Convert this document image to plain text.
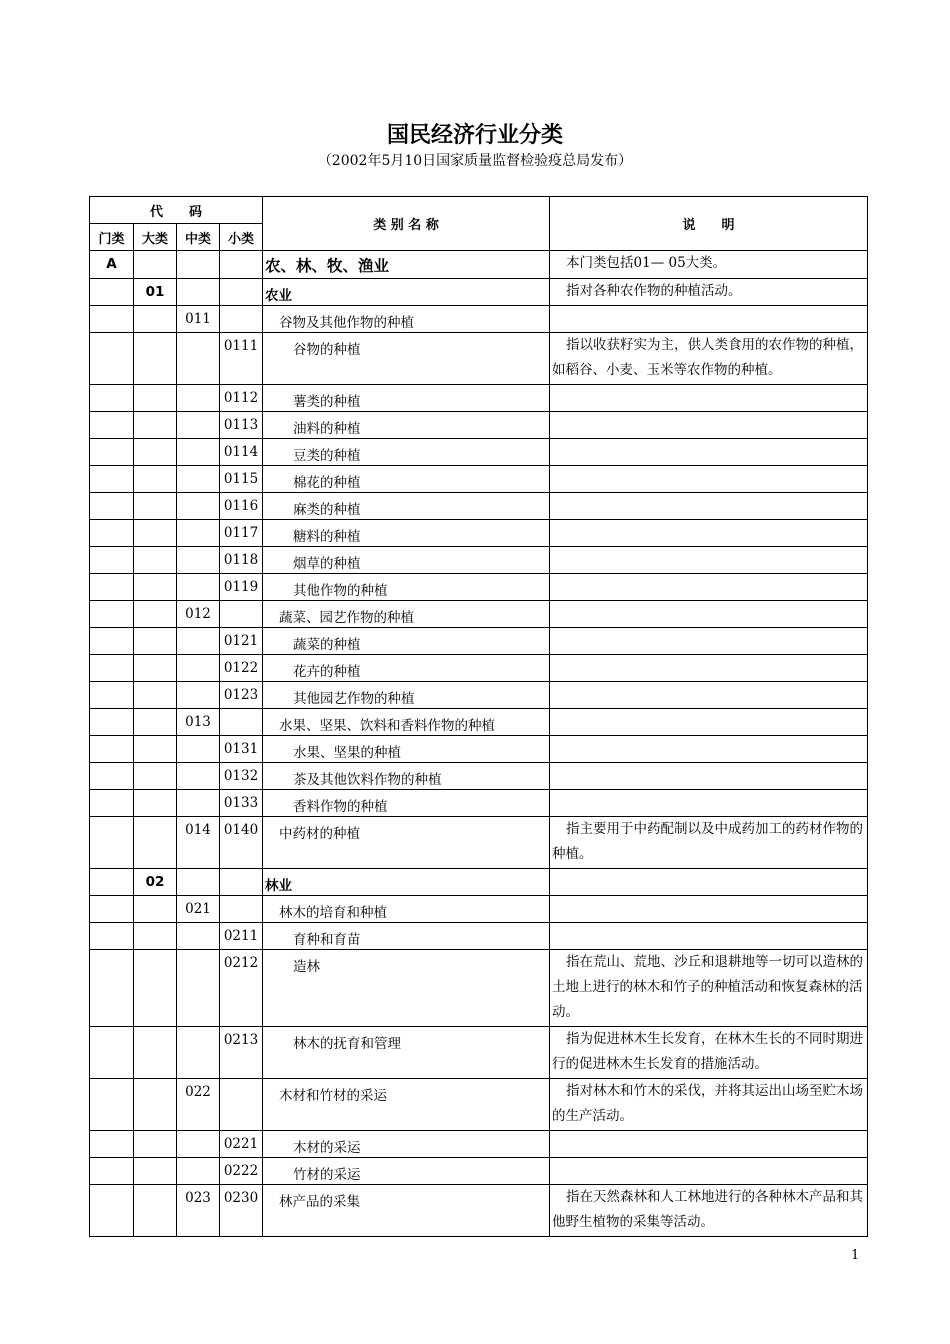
国民经济行业分类
（2002年5月10日国家质量监督检验疫总局发布）
代　　码				类 别 名 称	说　　明
门类	大类	中类	小类		
A				农、林、牧、渔业	本门类包括01— 05大类。
	01			农业	指对各种农作物的种植活动。
		011		谷物及其他作物的种植	
			0111	谷物的种植	指以收获籽实为主，供人类食用的农作物的种植，如稻谷、小麦、玉米等农作物的种植。
			0112	薯类的种植	
			0113	油料的种植	
			0114	豆类的种植	
			0115	棉花的种植	
			0116	麻类的种植	
			0117	糖料的种植	
			0118	烟草的种植	
			0119	其他作物的种植	
		012		蔬菜、园艺作物的种植	
			0121	蔬菜的种植	
			0122	花卉的种植	
			0123	其他园艺作物的种植	
		013		水果、坚果、饮料和香料作物的种植	
			0131	水果、坚果的种植	
			0132	茶及其他饮料作物的种植	
			0133	香料作物的种植	
		014	0140	中药材的种植	指主要用于中药配制以及中成药加工的药材作物的种植。
	02			林业	
		021		林木的培育和种植	
			0211	育种和育苗	
			0212	造林	指在荒山、荒地、沙丘和退耕地等一切可以造林的土地上进行的林木和竹子的种植活动和恢复森林的活动。
			0213	林木的抚育和管理	指为促进林木生长发育，在林木生长的不同时期进行的促进林木生长发育的措施活动。
		022		木材和竹材的采运	指对林木和竹木的采伐，并将其运出山场至贮木场的生产活动。
			0221	木材的采运	
			0222	竹材的采运	
		023	0230	林产品的采集	指在天然森林和人工林地进行的各种林木产品和其他野生植物的采集等活动。
1
